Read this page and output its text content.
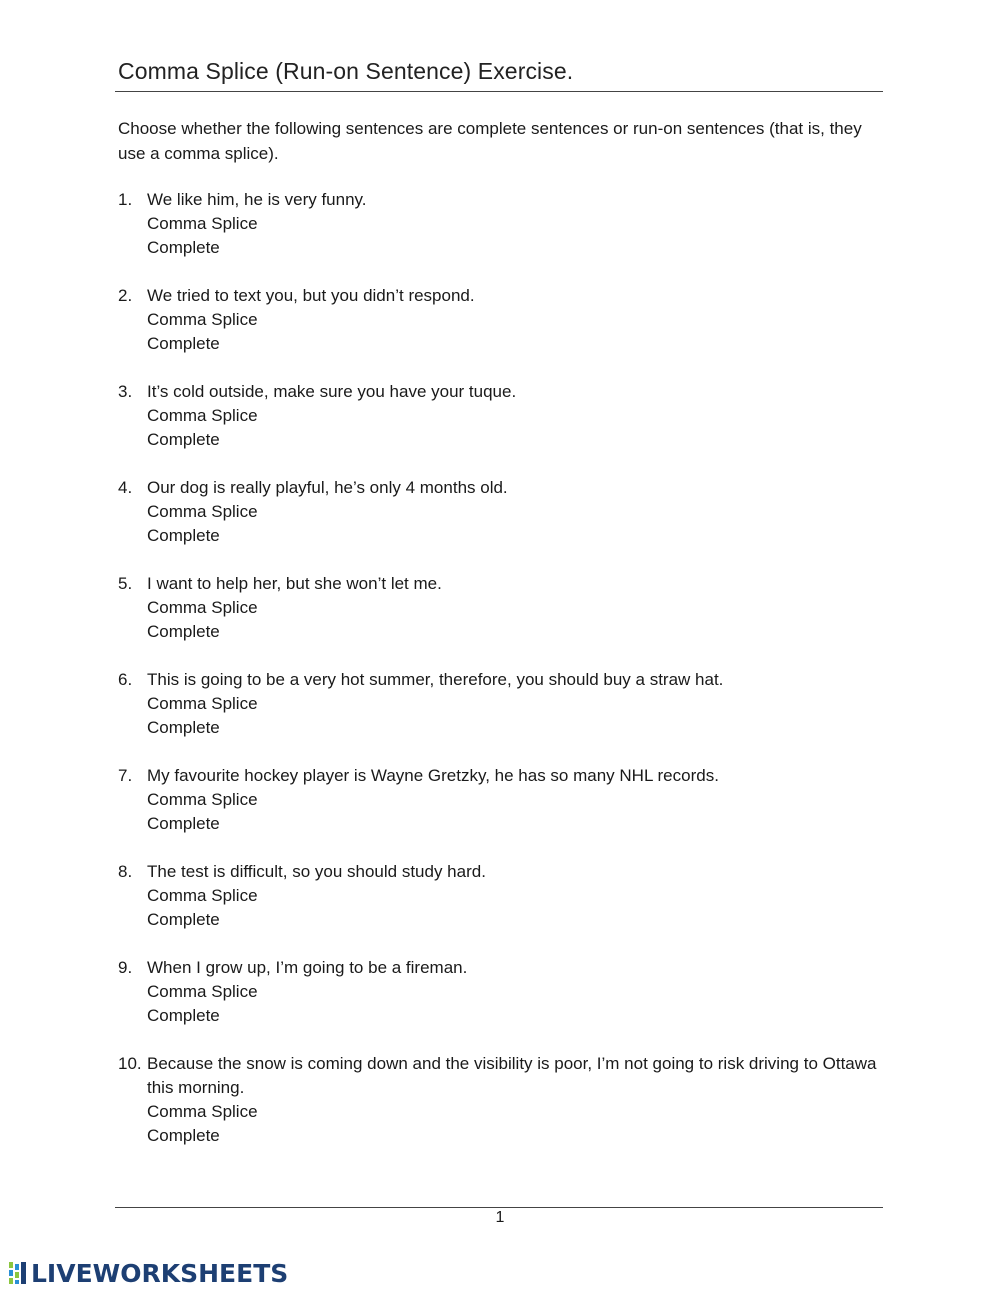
Comma Splice (Run-on Sentence) Exercise.
Choose whether the following sentences are complete sentences or run-on sentences (that is, they use a comma splice).
1. We like him, he is very funny.
Comma Splice
Complete
2. We tried to text you, but you didn’t respond.
Comma Splice
Complete
3. It’s cold outside, make sure you have your tuque.
Comma Splice
Complete
4. Our dog is really playful, he’s only 4 months old.
Comma Splice
Complete
5. I want to help her, but she won’t let me.
Comma Splice
Complete
6. This is going to be a very hot summer, therefore, you should buy a straw hat.
Comma Splice
Complete
7. My favourite hockey player is Wayne Gretzky, he has so many NHL records.
Comma Splice
Complete
8. The test is difficult, so you should study hard.
Comma Splice
Complete
9. When I grow up, I’m going to be a fireman.
Comma Splice
Complete
10. Because the snow is coming down and the visibility is poor, I’m not going to risk driving to Ottawa this morning.
Comma Splice
Complete
1
LIVEWORKSHEETS
